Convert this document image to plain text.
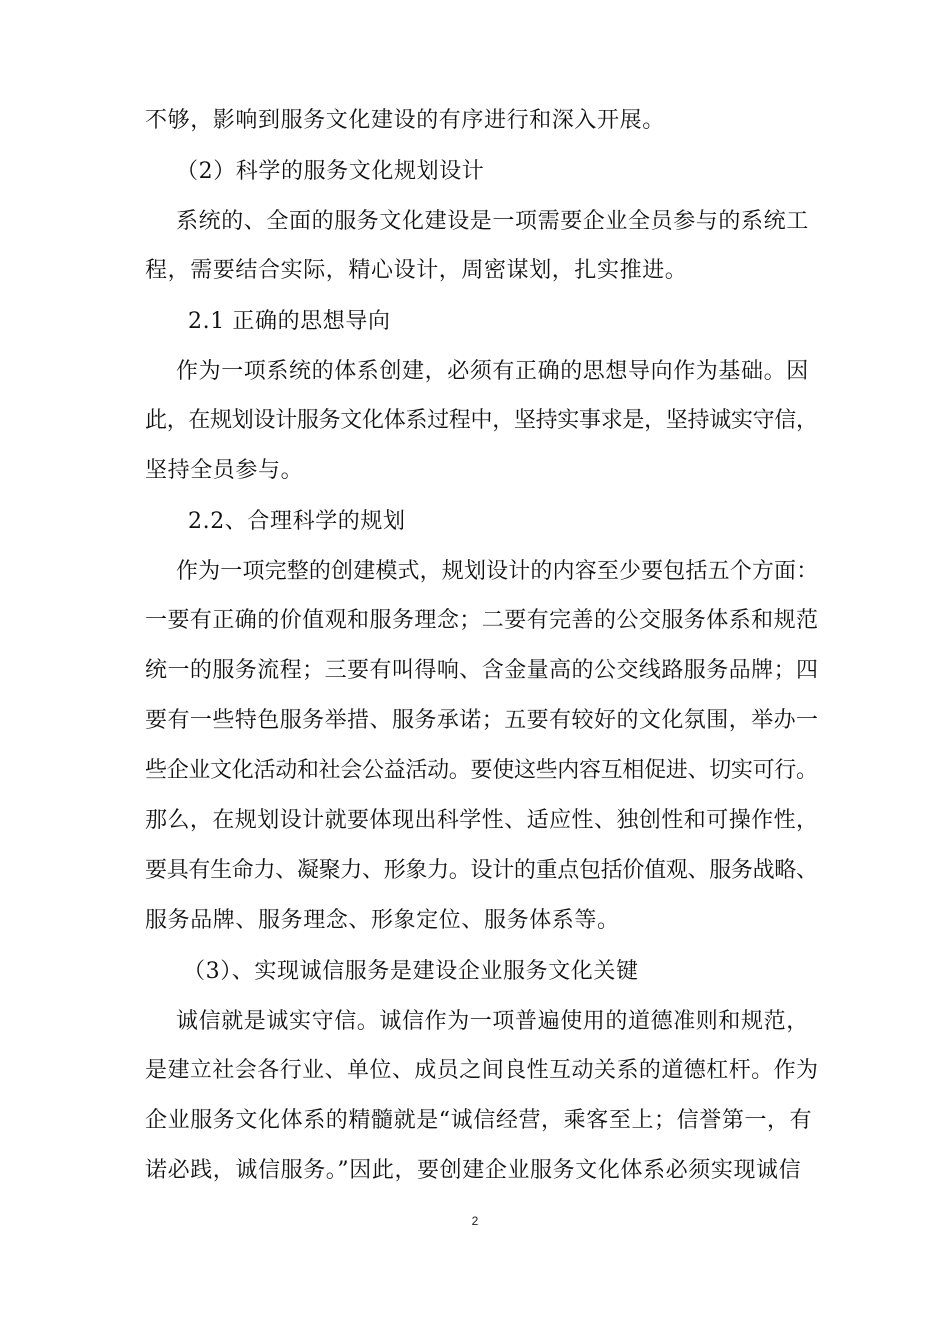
不够，影响到服务文化建设的有序进行和深入开展。
（2）科学的服务文化规划设计
系统的、全面的服务文化建设是一项需要企业全员参与的系统工
程，需要结合实际，精心设计，周密谋划，扎实推进。
2.1 正确的思想导向
作为一项系统的体系创建，必须有正确的思想导向作为基础。因
此，在规划设计服务文化体系过程中，坚持实事求是，坚持诚实守信，
坚持全员参与。
2.2、合理科学的规划
作为一项完整的创建模式，规划设计的内容至少要包括五个方面：
一要有正确的价值观和服务理念；二要有完善的公交服务体系和规范
统一的服务流程；三要有叫得响、含金量高的公交线路服务品牌；四
要有一些特色服务举措、服务承诺；五要有较好的文化氛围，举办一
些企业文化活动和社会公益活动。要使这些内容互相促进、切实可行。
那么，在规划设计就要体现出科学性、适应性、独创性和可操作性，
要具有生命力、凝聚力、形象力。设计的重点包括价值观、服务战略、
服务品牌、服务理念、形象定位、服务体系等。
（3）、实现诚信服务是建设企业服务文化关键
诚信就是诚实守信。诚信作为一项普遍使用的道德准则和规范，
是建立社会各行业、单位、成员之间良性互动关系的道德杠杆。作为
企业服务文化体系的精髓就是“诚信经营，乘客至上；信誉第一，有
诺必践，诚信服务。”因此，要创建企业服务文化体系必须实现诚信
2
